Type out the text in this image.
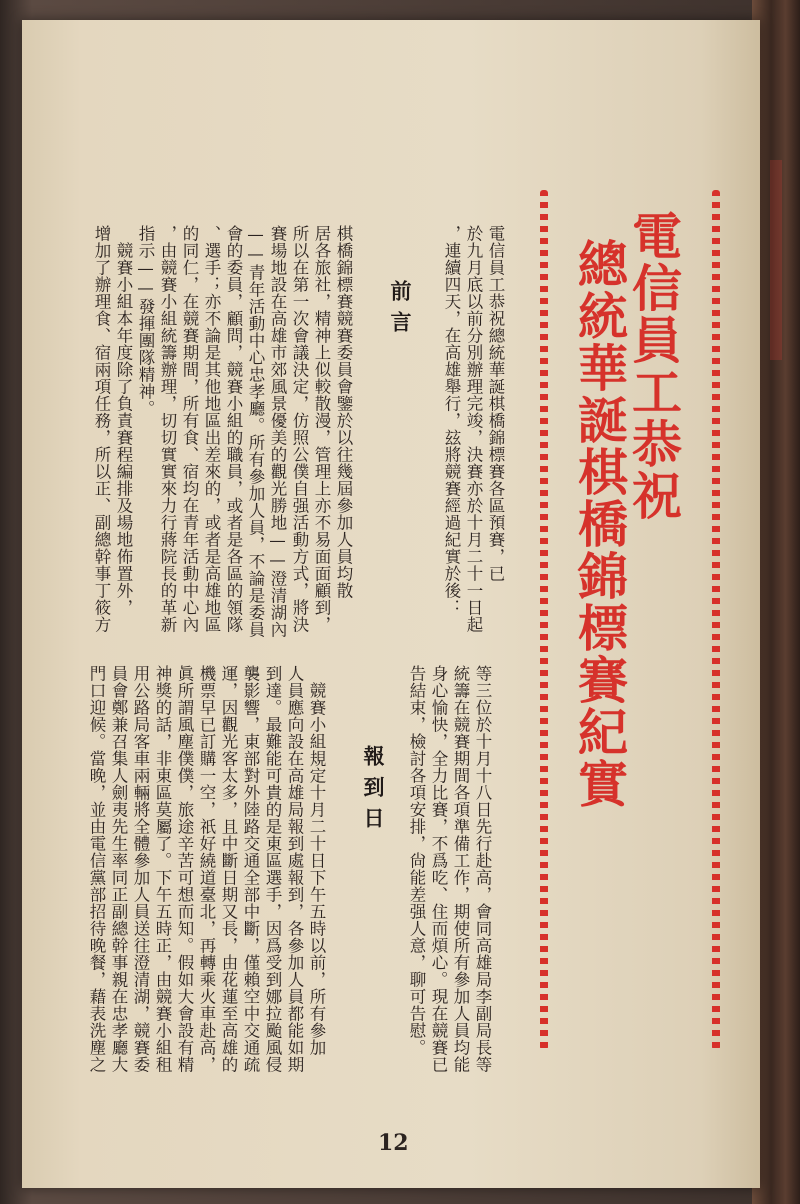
電信員工恭祝
總統華誕棋橋錦標賽紀實
電信員工恭祝總統華誕棋橋錦標賽各區預賽，已
於九月底以前分別辦理完竣，決賽亦於十月二十一日起
，連續四天，在高雄舉行，玆將競賽經過紀實於後：
前言
棋橋錦標賽競賽委員會鑒於以往幾屆參加人員均散
居各旅社，精神上似較散漫，管理上亦不易面面顧到，
所以在第一次會議決定，仿照公僕自强活動方式，將決
賽場地設在高雄市郊風景優美的觀光勝地——澄清湖內
——青年活動中心忠孝廳。所有參加人員，不論是委員
會的委員，顧問，競賽小組的職員，或者是各區的領隊
、選手；亦不論是其他地區出差來的，或者是高雄地區
的同仁，在競賽期間，所有食、宿均在青年活動中心內
，由競賽小組統籌辦理，切切實實來力行蔣院長的革新
指示——發揮團隊精神。
　競賽小組本年度除了負責賽程編排及場地佈置外，
增加了辦理食、宿兩項任務，所以正、副總幹事丁筱方
等三位於十月十八日先行赴高，會同高雄局李副局長等
統籌在競賽期間各項準備工作，期使所有參加人員均能
身心愉快，全力比賽，不爲吃、住而煩心。現在競賽已
告結束，檢討各項安排，尙能差强人意，聊可告慰。
報到日
　競賽小組規定十月二十日下午五時以前，所有參加
人員應向設在高雄局報到處報到，各參加人員都能如期
到達。最難能可貴的是東區選手，因爲受到娜拉颱風侵
襲影響，東部對外陸路交通全部中斷，僅賴空中交通疏
運，因觀光客太多，且中斷日期又長，由花蓮至高雄的
機票早已訂購一空，祇好繞道臺北，再轉乘火車赴高，
眞所謂風塵僕僕，旅途辛苦可想而知。假如大會設有精
神獎的話，非東區莫屬了。下午五時正，由競賽小組租
用公路局客車兩輛將全體參加人員送往澄清湖，競賽委
員會鄭兼召集人劍夷先生率同正副總幹事親在忠孝廳大
門口迎候。當晚，並由電信黨部招待晚餐，藉表洗塵之
12
